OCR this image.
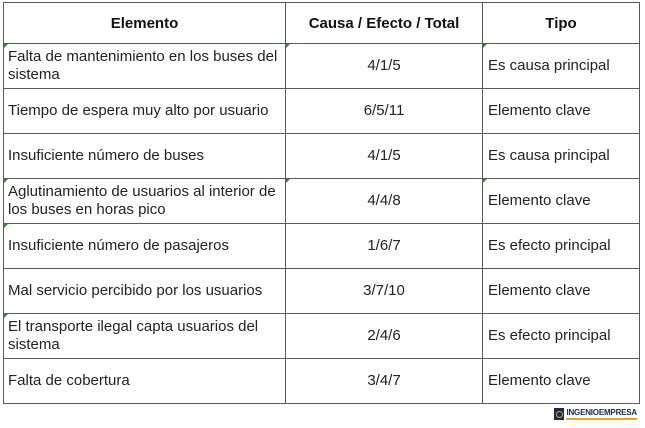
Elemento	Causa / Efecto / Total	Tipo

Falta de mantenimiento en los buses del sistema	4/1/5	Es causa principal
Tiempo de espera muy alto por usuario	6/5/11	Elemento clave
Insuficiente número de buses	4/1/5	Es causa principal

Aglutinamiento de usuarios al interior de los buses en horas pico	4/4/8	Elemento clave

Insuficiente número de pasajeros	1/6/7	Es efecto principal
Mal servicio percibido por los usuarios	3/7/10	Elemento clave

El transporte ilegal capta usuarios del sistema	2/4/6	Es efecto principal
Falta de cobertura	3/4/7	Elemento clave
INGENIOEMPRESA
